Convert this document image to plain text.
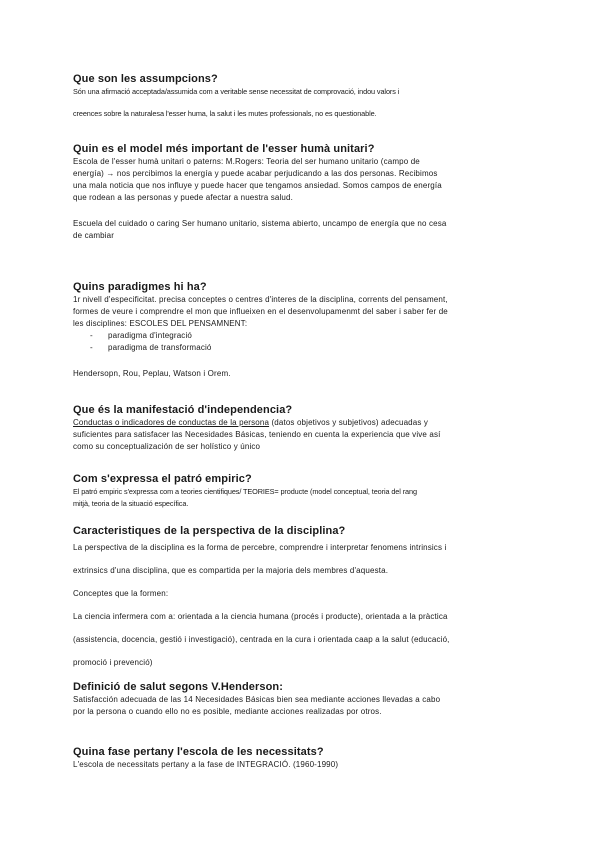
Que son les assumpcions?

Són una afirmació acceptada/assumida com a veritable sense necessitat de comprovació, indou valors i

creences sobre la naturalesa l'esser huma, la salut i les mutes professionals, no es questionable.

Quin es el model més important de l'esser humà unitari?

Escola de l'esser humà unitari o paterns: M.Rogers: Teoria del ser humano unitario (campo de

energía) → nos percibimos la energía y puede acabar perjudicando a las dos personas. Recibimos

una mala noticia que nos influye y puede hacer que tengamos ansiedad. Somos campos de energía

que rodean a las personas y puede afectar a nuestra salud.

Escuela del cuidado o caring Ser humano unitario, sistema abierto, uncampo de energía que no cesa

de cambiar

Quins paradigmes hi ha?

1r nivell d'especificitat. precisa conceptes o centres d'interes de la disciplina, corrents del pensament,

formes de veure i comprendre el mon que influeixen en el desenvolupamenmt del saber i saber fer de

les disciplines: ESCOLES DEL PENSAMNENT:

- paradigma d'integració
- paradigma de transformació

Hendersopn, Rou, Peplau, Watson i Orem.

Que és la manifestació d'independencia?

Conductas o indicadores de conductas de la persona (datos objetivos y subjetivos) adecuadas y

suficientes para satisfacer las Necesidades Básicas, teniendo en cuenta la experiencia que vive así

como su conceptualización de ser holístico y único

Com s'expressa el patró empiric?

El patró empiric s'expressa com a teories cientifiques/ TEORIES= producte (model conceptual, teoria del rang

mitjà, teoria de la situació específica.

Caracteristiques de la perspectiva de la disciplina?

La perspectiva de la disciplina es la forma de percebre, comprendre i interpretar fenomens intrinsics i

extrinsics d'una disciplina, que es compartida per la majoria dels membres d'aquesta.

Conceptes que la formen:

La ciencia infermera com a: orientada a la ciencia humana (procés i producte), orientada a la pràctica

(assistencia, docencia, gestió i investigació), centrada en la cura i orientada caap a la salut (educació,

promoció i prevenció)

Definició de salut segons V.Henderson:

Satisfacción adecuada de las 14 Necesidades Básicas bien sea mediante acciones llevadas a cabo

por la persona o cuando ello no es posible, mediante acciones realizadas por otros.

Quina fase pertany l'escola de les necessitats?

L'escola de necessitats pertany a la fase de INTEGRACIÓ. (1960-1990)
